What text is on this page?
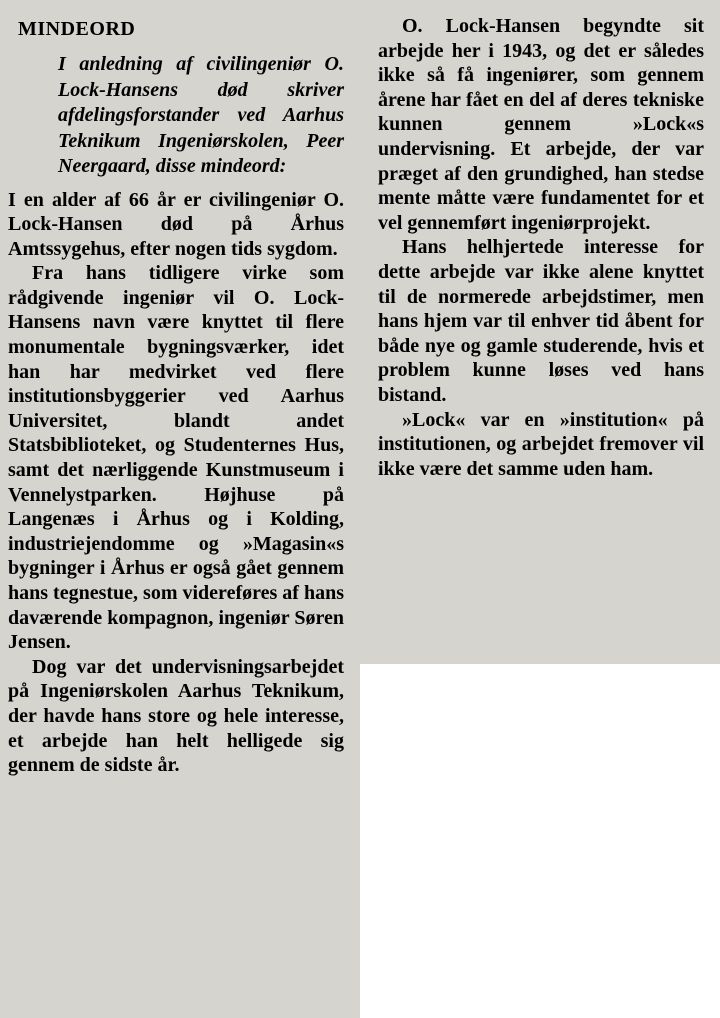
MINDEORD
I anledning af civilingeniør O. Lock-Hansens død skriver afdelingsforstander ved Aarhus Teknikum Ingeniørskolen, Peer Neergaard, disse mindeord:

I en alder af 66 år er civilingeniør O. Lock-Hansen død på Århus Amtssygehus, efter nogen tids sygdom.

Fra hans tidligere virke som rådgivende ingeniør vil O. Lock-Hansens navn være knyttet til flere monumentale bygningsværker, idet han har medvirket ved flere institutionsbyggerier ved Aarhus Universitet, blandt andet Statsbiblioteket, og Studenternes Hus, samt det nærliggende Kunstmuseum i Vennelystparken. Højhuse på Langenæs i Århus og i Kolding, industriejendomme og »Magasin«s bygninger i Århus er også gået gennem hans tegnestue, som videreføres af hans daværende kompagnon, ingeniør Søren Jensen.

Dog var det undervisningsarbejdet på Ingeniørskolen Aarhus Teknikum, der havde hans store og hele interesse, et arbejde han helt helligede sig gennem de sidste år.

O. Lock-Hansen begyndte sit arbejde her i 1943, og det er således ikke så få ingeniører, som gennem årene har fået en del af deres tekniske kunnen gennem »Lock«s undervisning. Et arbejde, der var præget af den grundighed, han stedse mente måtte være fundamentet for et vel gennemført ingeniørprojekt.

Hans helhjertede interesse for dette arbejde var ikke alene knyttet til de normerede arbejdstimer, men hans hjem var til enhver tid åbent for både nye og gamle studerende, hvis et problem kunne løses ved hans bistand.

»Lock« var en »institution« på institutionen, og arbejdet fremover vil ikke være det samme uden ham.
